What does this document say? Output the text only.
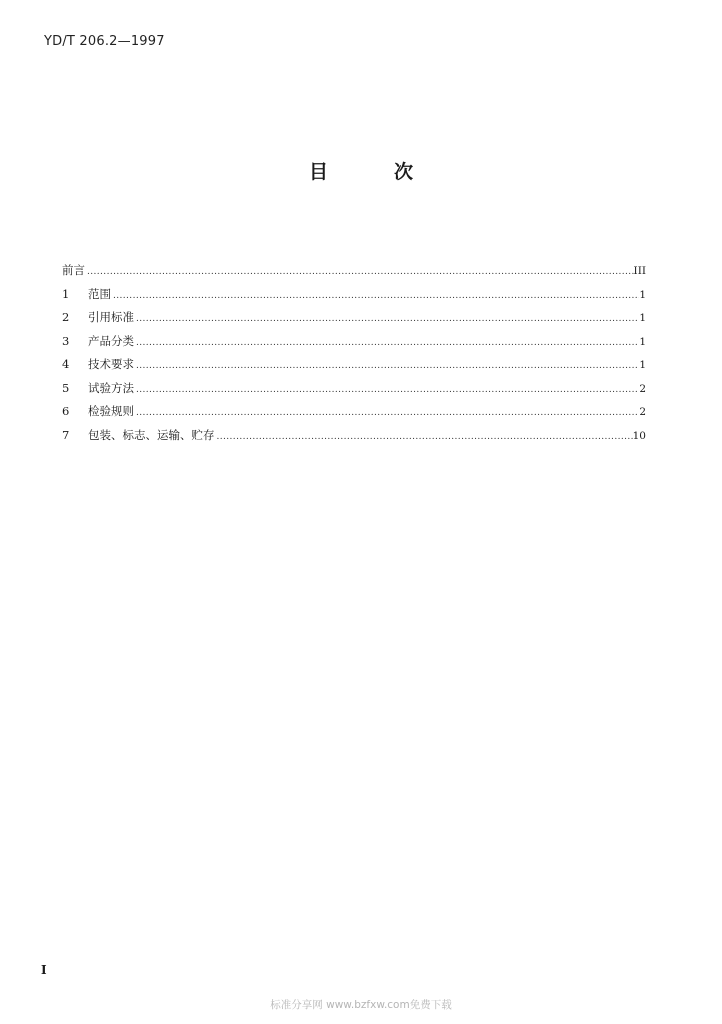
YD/T 206.2—1997
目次
前言 .....	III
1	范围 .....	1
2	引用标准 .....	1
3	产品分类 .....	1
4	技术要求 .....	1
5	试验方法 .....	2
6	检验规则 .....	2
7	包装、标志、运输、贮存 .....	10
I
标准分享网 www.bzfxw.com免费下载
